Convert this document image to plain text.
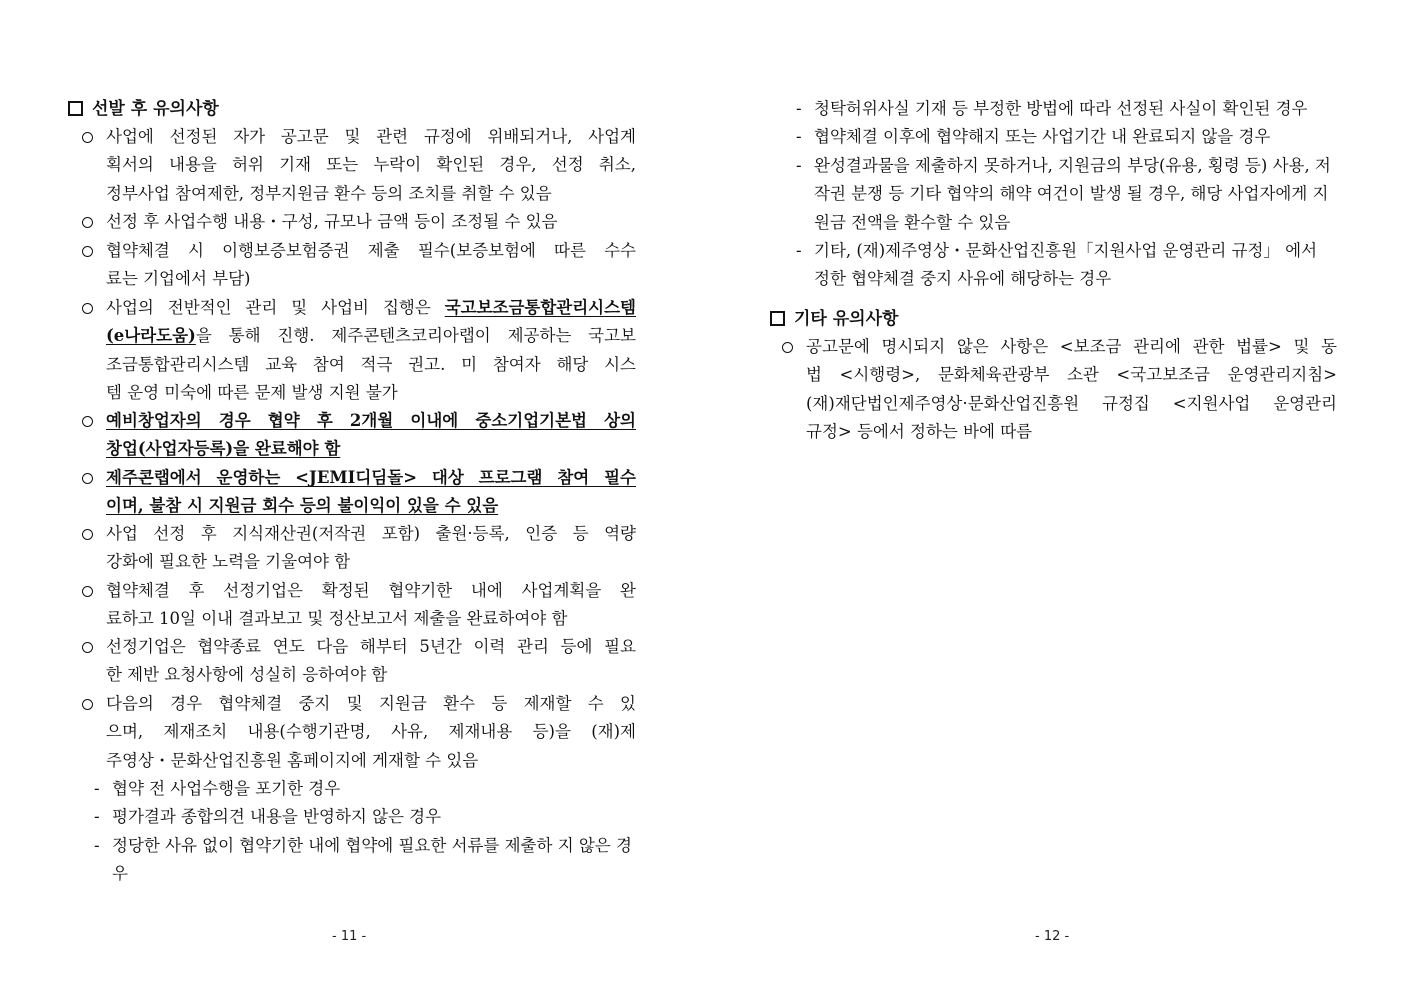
선발 후 유의사항
사업에 선정된 자가 공고문 및 관련 규정에 위배되거나, 사업계
획서의 내용을 허위 기재 또는 누락이 확인된 경우, 선정 취소,
정부사업 참여제한, 정부지원금 환수 등의 조치를 취할 수 있음
선정 후 사업수행 내용・구성, 규모나 금액 등이 조정될 수 있음
협약체결 시 이행보증보험증권 제출 필수(보증보험에 따른 수수
료는 기업에서 부담)
사업의 전반적인 관리 및 사업비 집행은 국고보조금통합관리시스템
(e나라도움)을 통해 진행. 제주콘텐츠코리아랩이 제공하는 국고보
조금통합관리시스템 교육 참여 적극 권고. 미 참여자 해당 시스
템 운영 미숙에 따른 문제 발생 지원 불가
예비창업자의 경우 협약 후 2개월 이내에 중소기업기본법 상의
창업(사업자등록)을 완료해야 함
제주콘랩에서 운영하는 <JEMI디딤돌> 대상 프로그램 참여 필수
이며, 불참 시 지원금 회수 등의 불이익이 있을 수 있음
사업 선정 후 지식재산권(저작권 포함) 출원·등록, 인증 등 역량
강화에 필요한 노력을 기울여야 함
협약체결 후 선정기업은 확정된 협약기한 내에 사업계획을 완
료하고 10일 이내 결과보고 및 정산보고서 제출을 완료하여야 함
선정기업은 협약종료 연도 다음 해부터 5년간 이력 관리 등에 필요
한 제반 요청사항에 성실히 응하여야 함
다음의 경우 협약체결 중지 및 지원금 환수 등 제재할 수 있
으며, 제재조치 내용(수행기관명, 사유, 제재내용 등)을 (재)제
주영상・문화산업진흥원 홈페이지에 게재할 수 있음
- 협약 전 사업수행을 포기한 경우
- 평가결과 종합의견 내용을 반영하지 않은 경우
- 정당한 사유 없이 협약기한 내에 협약에 필요한 서류를 제출하 지 않은 경우
- 11 -
- 청탁허위사실 기재 등 부정한 방법에 따라 선정된 사실이 확인된 경우
- 협약체결 이후에 협약해지 또는 사업기간 내 완료되지 않을 경우
- 완성결과물을 제출하지 못하거나, 지원금의 부당(유용, 횡령 등) 사용, 저작권 분쟁 등 기타 협약의 해약 여건이 발생 될 경우, 해당 사업자에게 지원금 전액을 환수할 수 있음
- 기타, (재)제주영상・문화산업진흥원「지원사업 운영관리 규정」 에서 정한 협약체결 중지 사유에 해당하는 경우
기타 유의사항
공고문에 명시되지 않은 사항은 <보조금 관리에 관한 법률> 및 동
법 <시행령>, 문화체육관광부 소관 <국고보조금 운영관리지침>
(재)재단법인제주영상·문화산업진흥원 규정집 <지원사업 운영관리
규정> 등에서 정하는 바에 따름
- 12 -
